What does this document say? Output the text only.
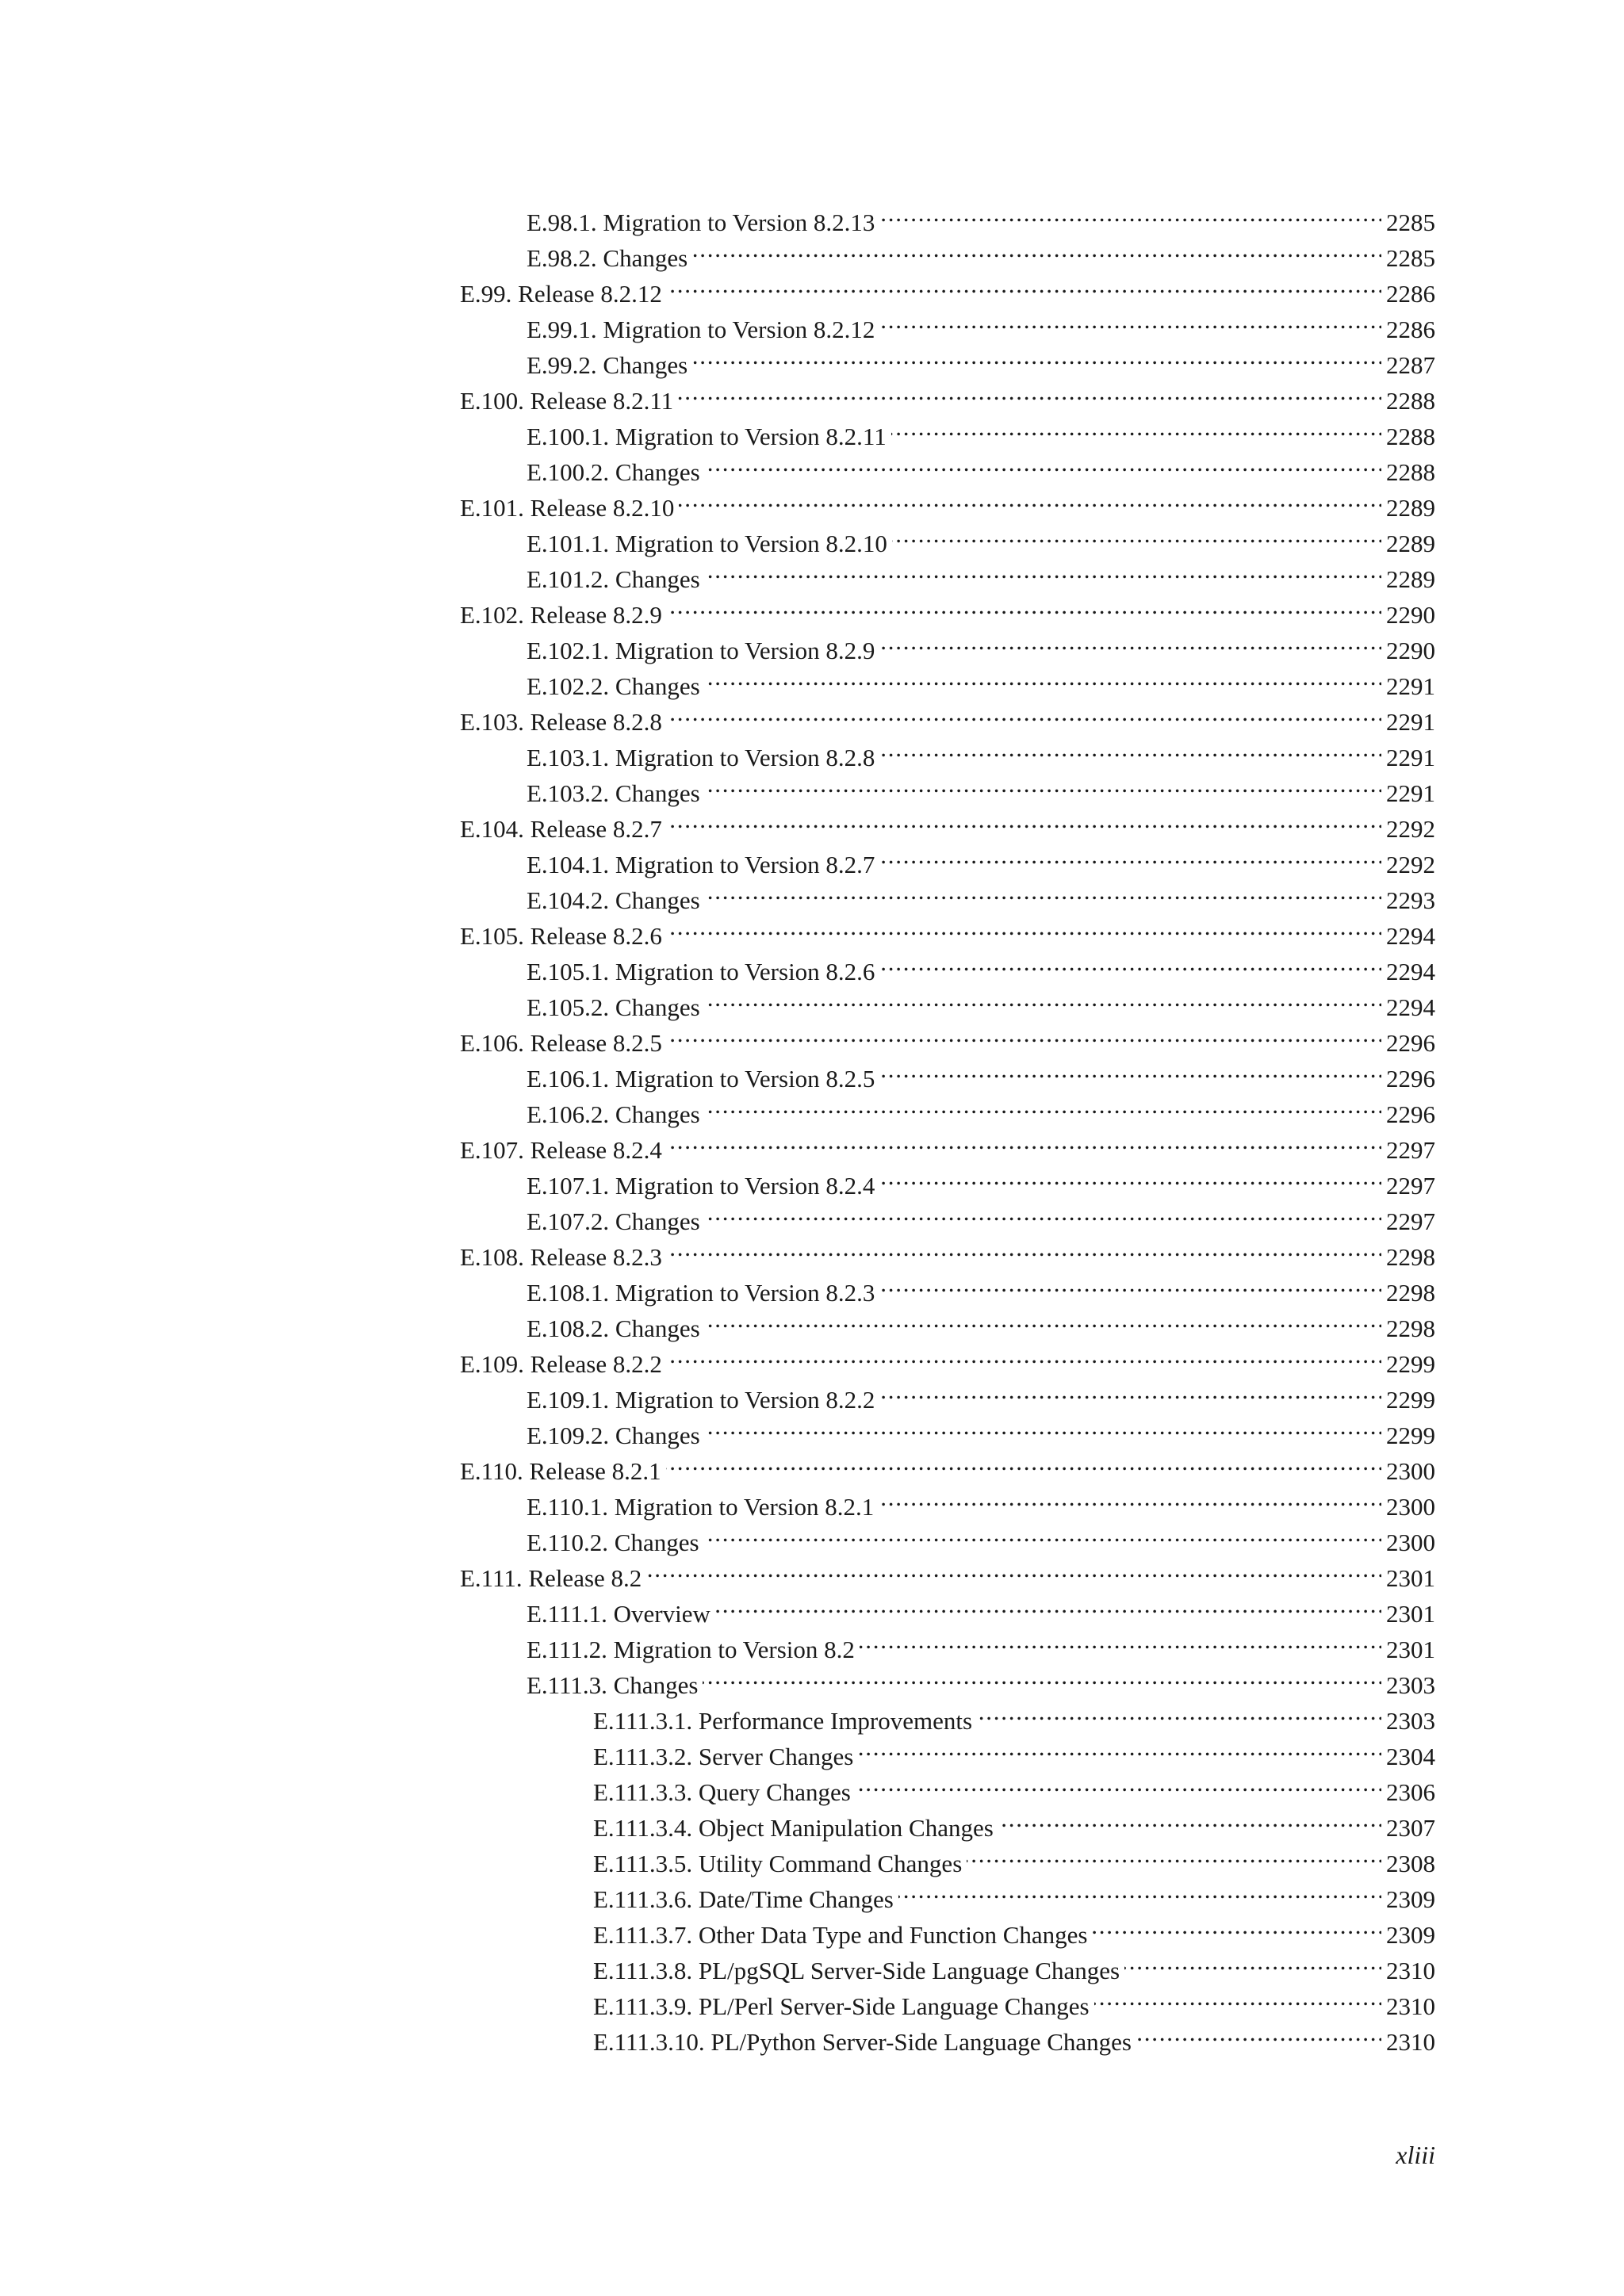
E.98.1. Migration to Version 8.2.13 . . .	2285
E.98.2. Changes . . .	2285
E.99. Release 8.2.12 . . .	2286
E.99.1. Migration to Version 8.2.12 . . .	2286
E.99.2. Changes . . .	2287
E.100. Release 8.2.11 . . .	2288
E.100.1. Migration to Version 8.2.11 . . .	2288
E.100.2. Changes . . .	2288
E.101. Release 8.2.10 . . .	2289
E.101.1. Migration to Version 8.2.10 . . .	2289
E.101.2. Changes . . .	2289
E.102. Release 8.2.9 . . .	2290
E.102.1. Migration to Version 8.2.9 . . .	2290
E.102.2. Changes . . .	2291
E.103. Release 8.2.8 . . .	2291
E.103.1. Migration to Version 8.2.8 . . .	2291
E.103.2. Changes . . .	2291
E.104. Release 8.2.7 . . .	2292
E.104.1. Migration to Version 8.2.7 . . .	2292
E.104.2. Changes . . .	2293
E.105. Release 8.2.6 . . .	2294
E.105.1. Migration to Version 8.2.6 . . .	2294
E.105.2. Changes . . .	2294
E.106. Release 8.2.5 . . .	2296
E.106.1. Migration to Version 8.2.5 . . .	2296
E.106.2. Changes . . .	2296
E.107. Release 8.2.4 . . .	2297
E.107.1. Migration to Version 8.2.4 . . .	2297
E.107.2. Changes . . .	2297
E.108. Release 8.2.3 . . .	2298
E.108.1. Migration to Version 8.2.3 . . .	2298
E.108.2. Changes . . .	2298
E.109. Release 8.2.2 . . .	2299
E.109.1. Migration to Version 8.2.2 . . .	2299
E.109.2. Changes . . .	2299
E.110. Release 8.2.1 . . .	2300
E.110.1. Migration to Version 8.2.1 . . .	2300
E.110.2. Changes . . .	2300
E.111. Release 8.2 . . .	2301
E.111.1. Overview . . .	2301
E.111.2. Migration to Version 8.2 . . .	2301
E.111.3. Changes . . .	2303
E.111.3.1. Performance Improvements . . .	2303
E.111.3.2. Server Changes . . .	2304
E.111.3.3. Query Changes . . .	2306
E.111.3.4. Object Manipulation Changes . . .	2307
E.111.3.5. Utility Command Changes . . .	2308
E.111.3.6. Date/Time Changes . . .	2309
E.111.3.7. Other Data Type and Function Changes . . .	2309
E.111.3.8. PL/pgSQL Server-Side Language Changes . . .	2310
E.111.3.9. PL/Perl Server-Side Language Changes . . .	2310
E.111.3.10. PL/Python Server-Side Language Changes . . .	2310
xliii
